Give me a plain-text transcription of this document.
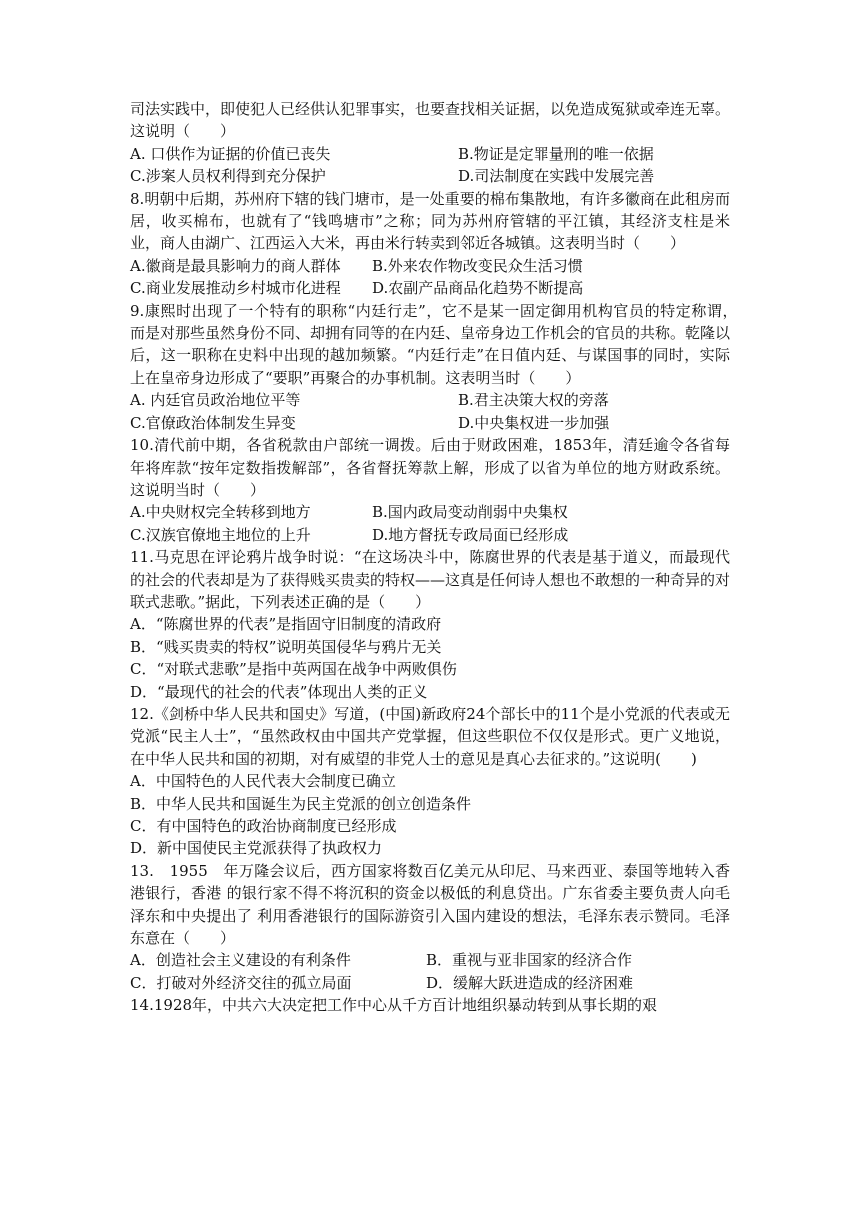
司法实践中，即使犯人已经供认犯罪事实，也要查找相关证据，以免造成冤狱或牵连无辜。这说明（　　）

A. 口供作为证据的价值已丧失	B.物证是定罪量刑的唯一依据
C.涉案人员权利得到充分保护	D.司法制度在实践中发展完善

8.明朝中后期，苏州府下辖的钱门塘市，是一处重要的棉布集散地，有许多徽商在此租房而居，收买棉布，也就有了“钱鸣塘市”之称；同为苏州府管辖的平江镇，其经济支柱是米业，商人由湖广、江西运入大米，再由米行转卖到邻近各城镇。这表明当时（　　）

A.徽商是最具影响力的商人群体	B.外来农作物改变民众生活习惯
C.商业发展推动乡村城市化进程	D.农副产品商品化趋势不断提高

9.康熙时出现了一个特有的职称“内廷行走”，它不是某一固定御用机构官员的特定称谓，　而是对那些虽然身份不同、却拥有同等的在内廷、皇帝身边工作机会的官员的共称。乾隆以后，这一职称在史料中出现的越加频繁。“内廷行走”在日值内廷、与谋国事的同时，实际 上在皇帝身边形成了“要职”再聚合的办事机制。这表明当时（　　）

A. 内廷官员政治地位平等	B.君主决策大权的旁落
C.官僚政治体制发生异变	D.中央集权进一步加强

10.清代前中期，各省税款由户部统一调拨。后由于财政困难，1853年，清廷逾令各省每年将库款“按年定数指拨解部”，各省督抚筹款上解，形成了以省为单位的地方财政系统。这说明当时（　　）

A.中央财权完全转移到地方	B.国内政局变动削弱中央集权
C.汉族官僚地主地位的上升	D.地方督抚专政局面已经形成

11.马克思在评论鸦片战争时说：“在这场决斗中，陈腐世界的代表是基于道义，而最现代的社会的代表却是为了获得贱买贵卖的特权——这真是任何诗人想也不敢想的一种奇异的对联式悲歌。”据此，下列表述正确的是（　　）

A．“陈腐世界的代表”是指固守旧制度的清政府

B．“贱买贵卖的特权”说明英国侵华与鸦片无关

C．“对联式悲歌”是指中英两国在战争中两败俱伤

D．“最现代的社会的代表”体现出人类的正义

12.《剑桥中华人民共和国史》写道，(中国)新政府24个部长中的11个是小党派的代表或无党派“民主人士”，“虽然政权由中国共产党掌握，但这些职位不仅仅是形式。更广义地说，在中华人民共和国的初期，对有威望的非党人士的意见是真心去征求的。”这说明(　　)

A．中国特色的人民代表大会制度已确立

B．中华人民共和国诞生为民主党派的创立创造条件

C．有中国特色的政治协商制度已经形成

D．新中国使民主党派获得了执政权力

13.　1955　年万隆会议后，西方国家将数百亿美元从印尼、马来西亚、泰国等地转入香港银行，香港 的银行家不得不将沉积的资金以极低的利息贷出。广东省委主要负责人向毛泽东和中央提出了 利用香港银行的国际游资引入国内建设的想法，毛泽东表示赞同。毛泽东意在（　　）

A．创造社会主义建设的有利条件	B．重视与亚非国家的经济合作
C．打破对外经济交往的孤立局面	D．缓解大跃进造成的经济困难

14.1928年，中共六大决定把工作中心从千方百计地组织暴动转到从事长期的艰
